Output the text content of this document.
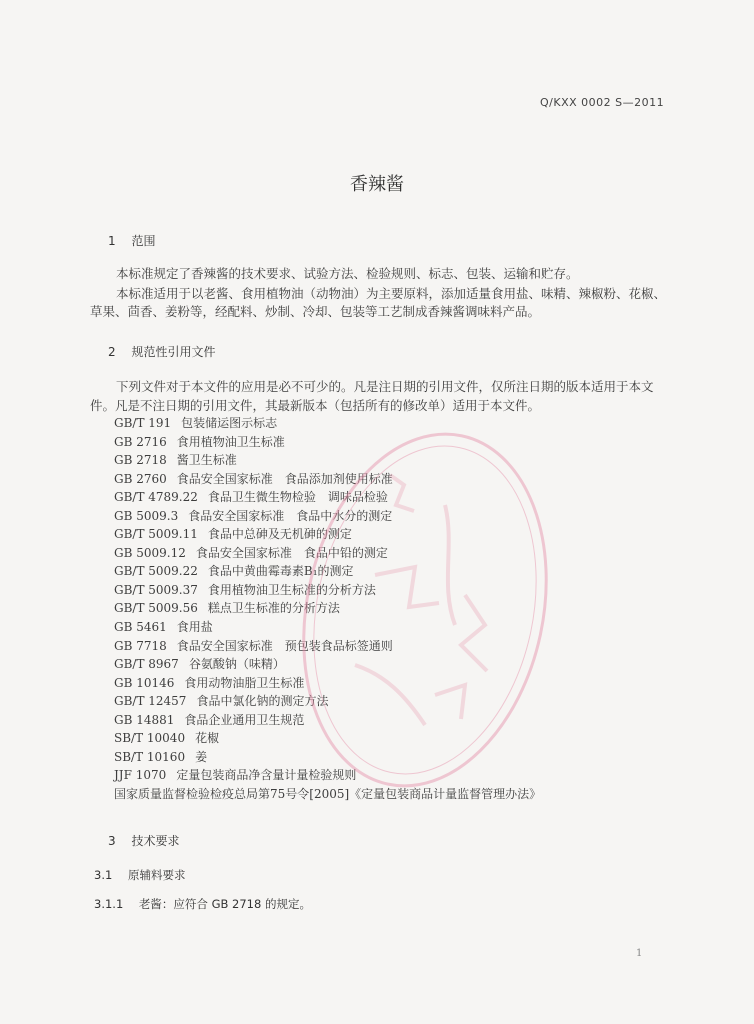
Q/KXX 0002 S—2011
香辣酱
1 范围
本标准规定了香辣酱的技术要求、试验方法、检验规则、标志、包装、运输和贮存。
本标准适用于以老酱、食用植物油（动物油）为主要原料，添加适量食用盐、味精、辣椒粉、花椒、
草果、茴香、姜粉等，经配料、炒制、冷却、包装等工艺制成香辣酱调味料产品。
2 规范性引用文件
下列文件对于本文件的应用是必不可少的。凡是注日期的引用文件，仅所注日期的版本适用于本文
件。凡是不注日期的引用文件，其最新版本（包括所有的修改单）适用于本文件。
GB/T 191 包装储运图示标志
GB 2716 食用植物油卫生标准
GB 2718 酱卫生标准
GB 2760 食品安全国家标准　食品添加剂使用标准
GB/T 4789.22 食品卫生微生物检验　调味品检验
GB 5009.3 食品安全国家标准　食品中水分的测定
GB/T 5009.11 食品中总砷及无机砷的测定
GB 5009.12 食品安全国家标准　食品中铅的测定
GB/T 5009.22 食品中黄曲霉毒素B₁的测定
GB/T 5009.37 食用植物油卫生标准的分析方法
GB/T 5009.56 糕点卫生标准的分析方法
GB 5461 食用盐
GB 7718 食品安全国家标准　预包装食品标签通则
GB/T 8967 谷氨酸钠（味精）
GB 10146 食用动物油脂卫生标准
GB/T 12457 食品中氯化钠的测定方法
GB 14881 食品企业通用卫生规范
SB/T 10040 花椒
SB/T 10160 姜
JJF 1070 定量包装商品净含量计量检验规则
国家质量监督检验检疫总局第75号令[2005]《定量包装商品计量监督管理办法》
3 技术要求
3.1 原辅料要求
3.1.1 老酱：应符合 GB 2718 的规定。
1
